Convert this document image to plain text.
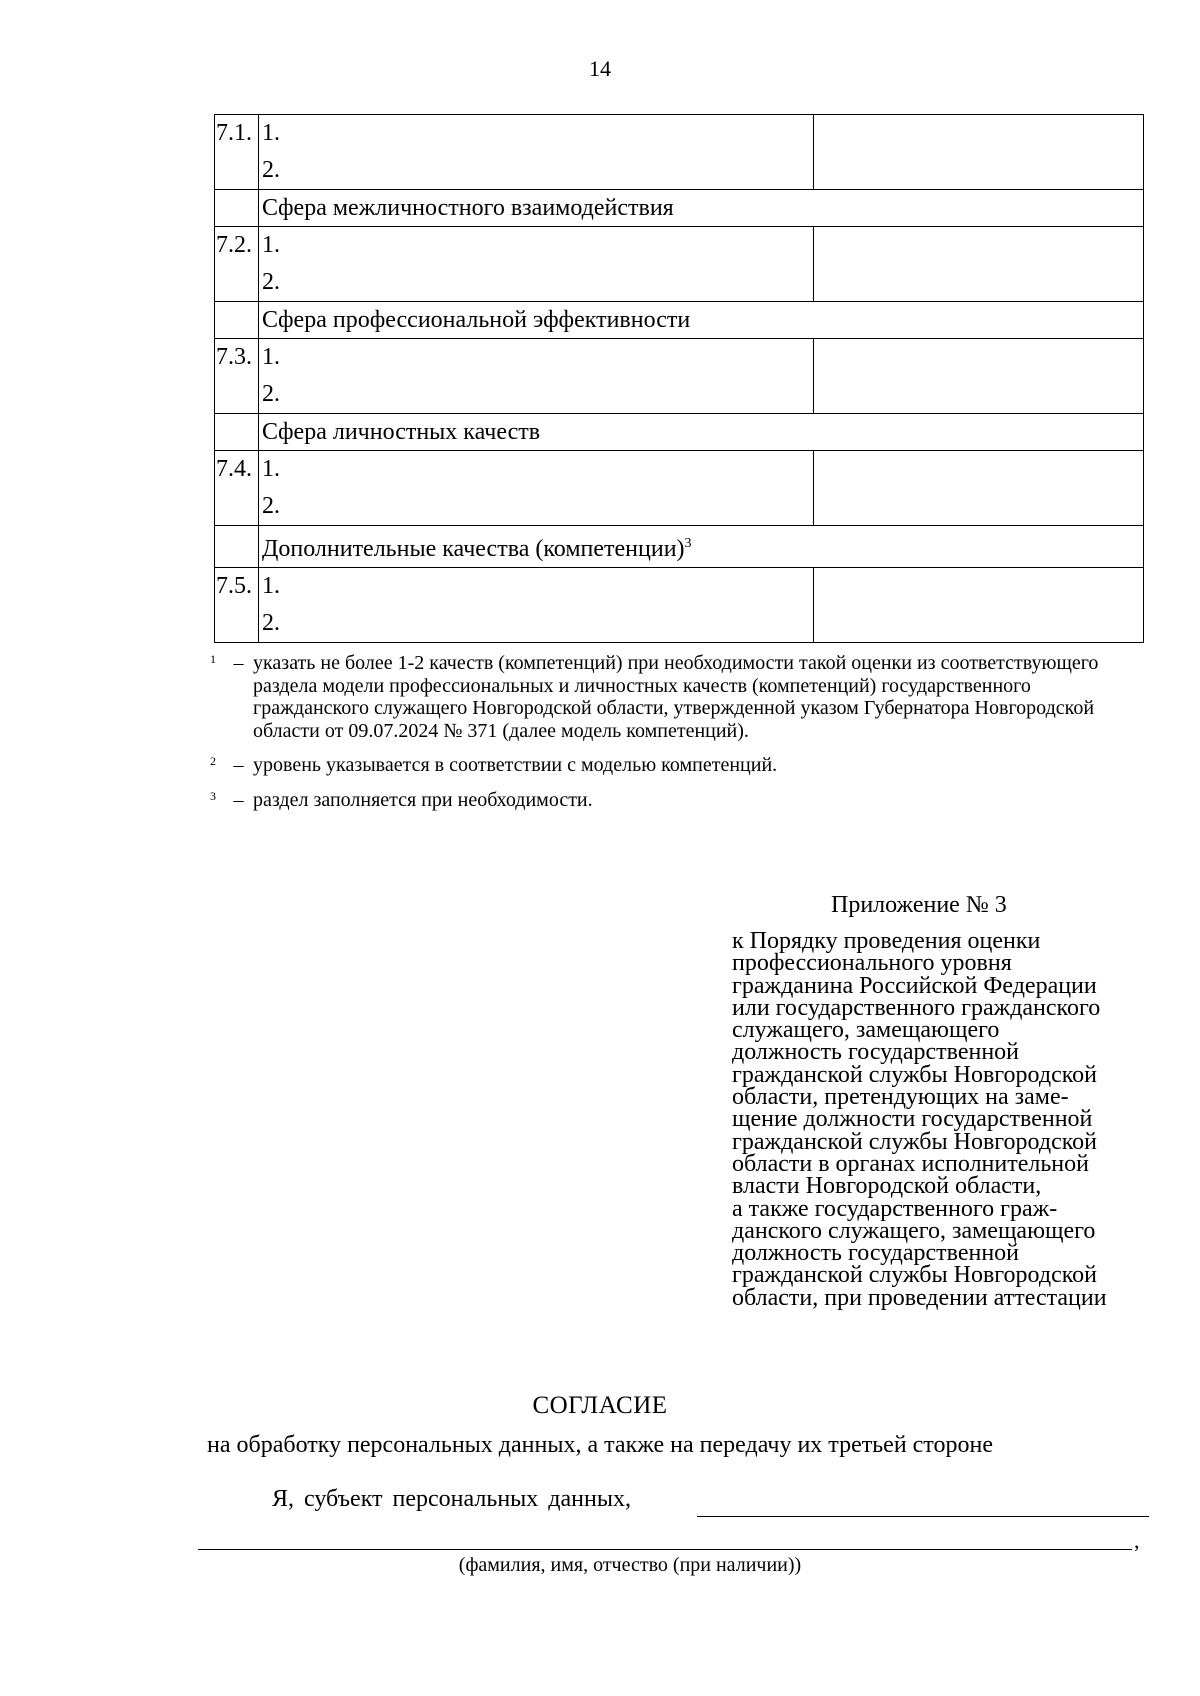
14
7.1.	1.
2.	

	Сфера межличностного взаимодействия	
7.2.	1.
2.	

	Сфера профессиональной эффективности	
7.3.	1.
2.	

	Сфера личностных качеств	
7.4.	1.
2.	

	Дополнительные качества (компетенции)$^3$
7.5.	1.
2.	

1 – указать не более 1-2 качеств (компетенций) при необходимости такой оценки из соответствующего раздела модели профессиональных и личностных качеств (компетенций) государственного гражданского служащего Новгородской области, утвержденной указом Губернатора Новгородской области от 09.07.2024 № 371 (далее модель компетенций).
2 – уровень указывается в соответствии с моделью компетенций.
3 – раздел заполняется при необходимости.
Приложение № 3
к Порядку проведения оценки
профессионального уровня
гражданина Российской Федерации
или государственного гражданского
служащего, замещающего
должность государственной
гражданской службы Новгородской
области, претендующих на заме-
щение должности государственной
гражданской службы Новгородской
области в органах исполнительной
власти Новгородской области,
а также государственного граж-
данского служащего, замещающего
должность государственной
гражданской службы Новгородской
области, при проведении аттестации
СОГЛАСИЕ
на обработку персональных данных, а также на передачу их третьей стороне
Я, субъект персональных данных,
,
(фамилия, имя, отчество (при наличии))
